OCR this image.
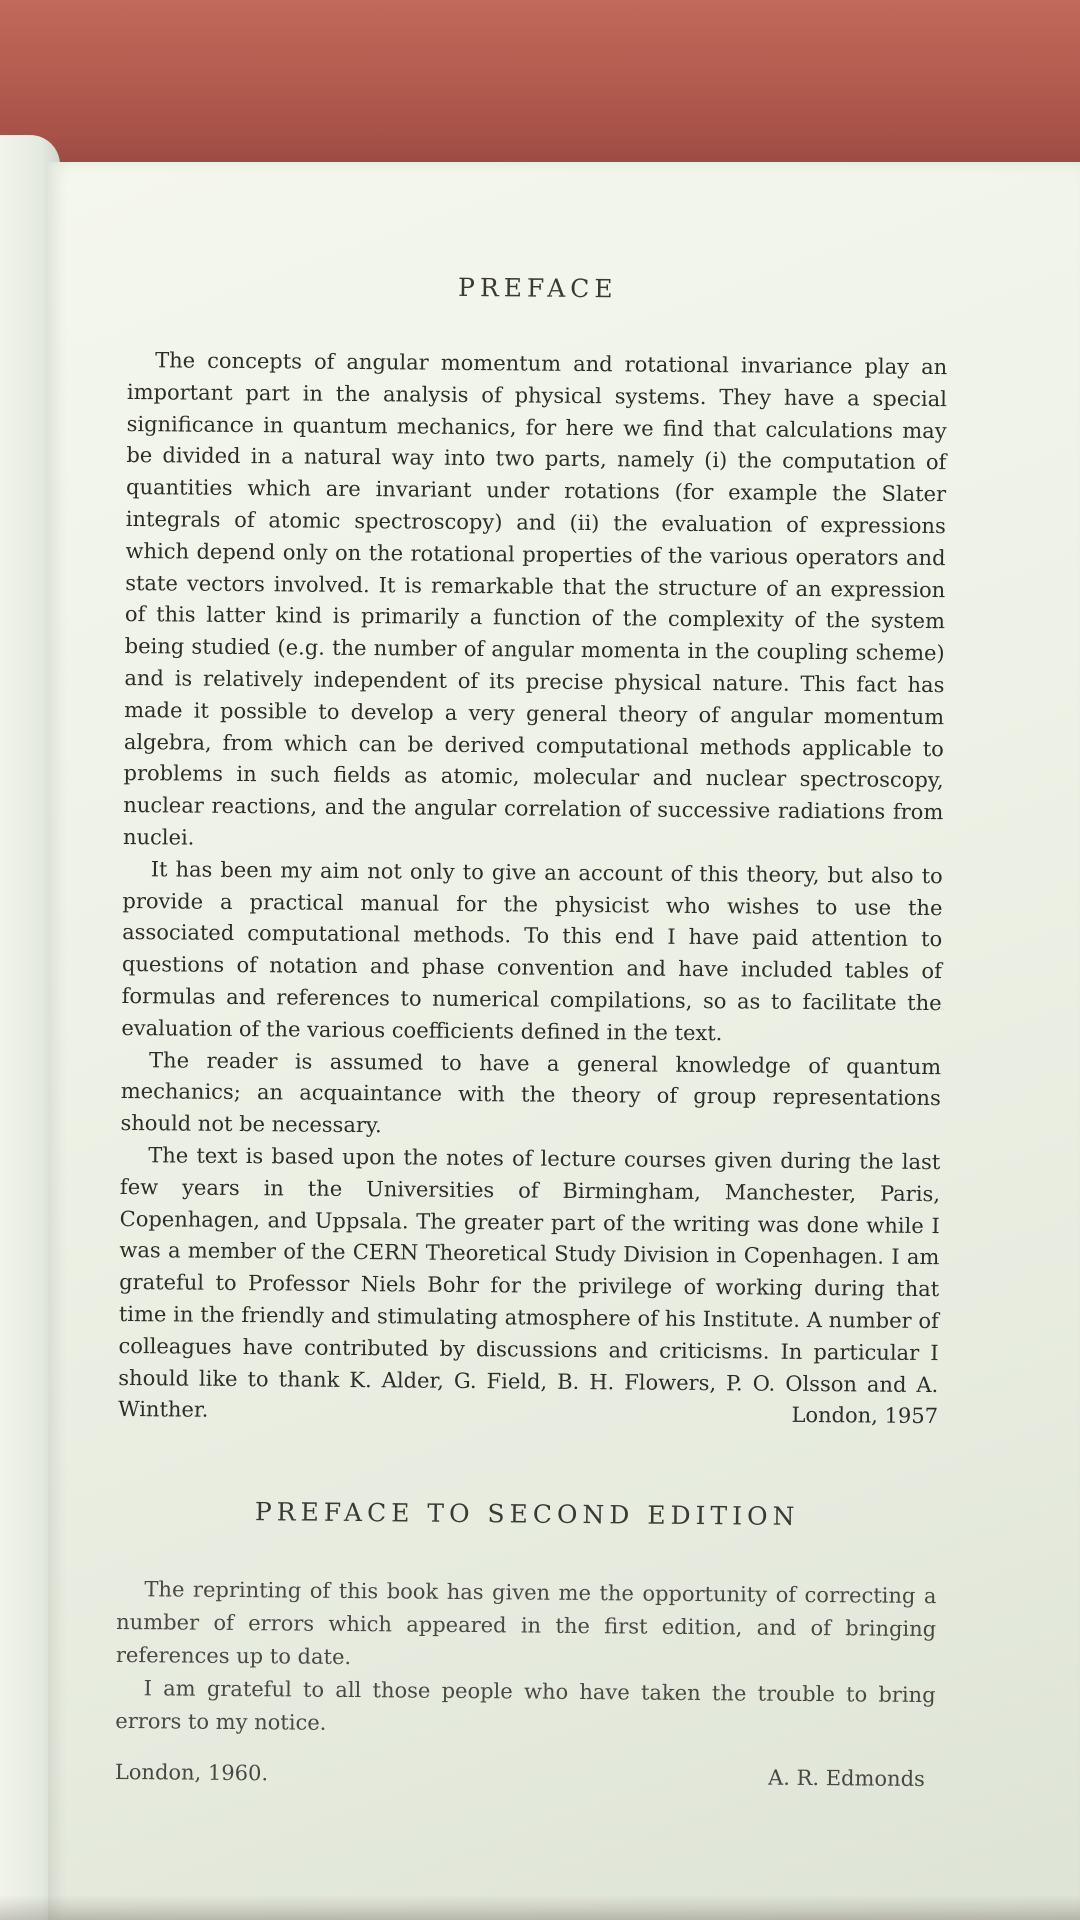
PREFACE

The concepts of angular momentum and rotational invariance play an important part in the analysis of physical systems. They have a special significance in quantum mechanics, for here we find that calculations may be divided in a natural way into two parts, namely (i) the computation of quantities which are invariant under rotations (for example the Slater integrals of atomic spectroscopy) and (ii) the evaluation of expressions which depend only on the rotational properties of the various operators and state vectors involved. It is remarkable that the structure of an expression of this latter kind is primarily a function of the complexity of the system being studied (e.g. the number of angular momenta in the coupling scheme) and is relatively independent of its precise physical nature. This fact has made it possible to develop a very general theory of angular momentum algebra, from which can be derived computational methods applicable to problems in such fields as atomic, molecular and nuclear spectroscopy, nuclear reactions, and the angular correlation of successive radiations from nuclei.

It has been my aim not only to give an account of this theory, but also to provide a practical manual for the physicist who wishes to use the associated computational methods. To this end I have paid attention to questions of notation and phase convention and have included tables of formulas and references to numerical compilations, so as to facilitate the evaluation of the various coefficients defined in the text.

The reader is assumed to have a general knowledge of quantum mechanics; an acquaintance with the theory of group representations should not be necessary.

The text is based upon the notes of lecture courses given during the last few years in the Universities of Birmingham, Manchester, Paris, Copenhagen, and Uppsala. The greater part of the writing was done while I was a member of the CERN Theoretical Study Division in Copenhagen. I am grateful to Professor Niels Bohr for the privilege of working during that time in the friendly and stimulating atmosphere of his Institute. A number of colleagues have contributed by discussions and criticisms. In particular I should like to thank K. Alder, G. Field, B. H. Flowers, P. O. Olsson and A. Winther.	London, 1957
PREFACE TO SECOND EDITION

The reprinting of this book has given me the opportunity of correcting a number of errors which appeared in the first edition, and of bringing references up to date.

I am grateful to all those people who have taken the trouble to bring errors to my notice.

London, 1960.	A. R. Edmonds
